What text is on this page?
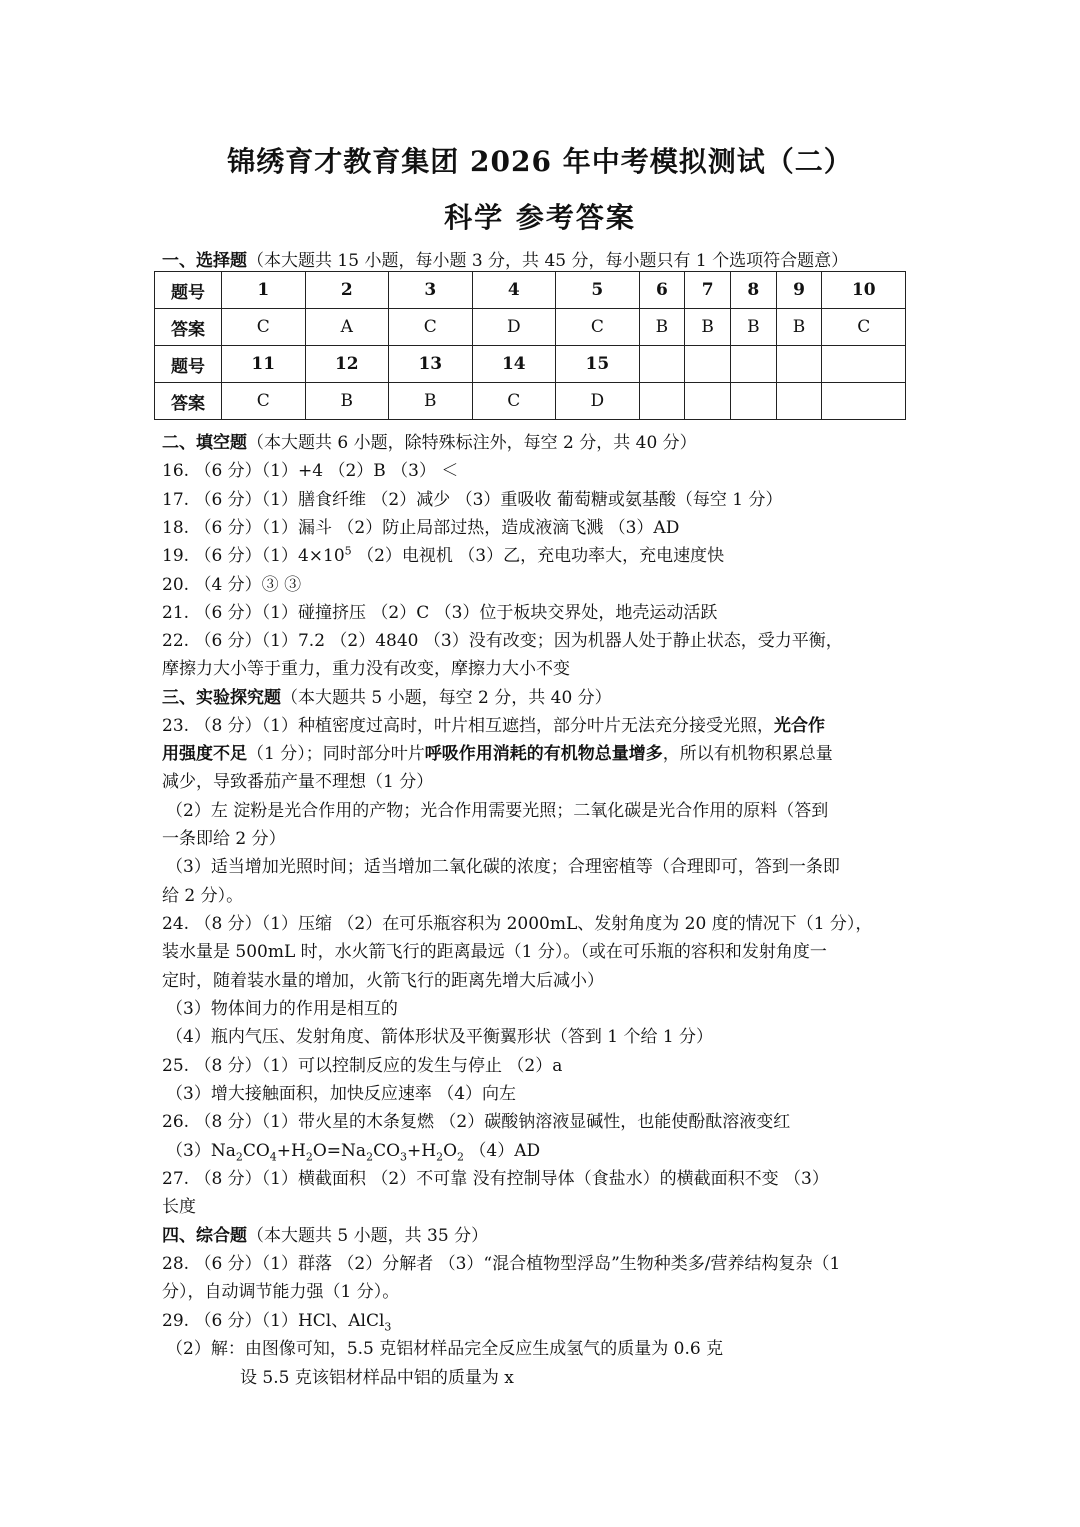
锦绣育才教育集团 2026 年中考模拟测试（二）
科学 参考答案
一、选择题（本大题共 15 小题，每小题 3 分，共 45 分，每小题只有 1 个选项符合题意）
题号	1	2	3	4	5	6	7	8	9	10
答案	C	A	C	D	C	B	B	B	B	C
题号	11	12	13	14	15					
答案	C	B	B	C	D					
二、填空题（本大题共 6 小题，除特殊标注外，每空 2 分，共 40 分）
16. （6 分）（1）+4 （2）B （3） ＜
17. （6 分）（1）膳食纤维 （2）减少 （3）重吸收 葡萄糖或氨基酸（每空 1 分）
18. （6 分）（1）漏斗 （2）防止局部过热，造成液滴飞溅 （3）AD
19. （6 分）$(1)4\times 10^5$ （2）电视机 （3）乙，充电功率大，充电速度快
20. （4 分）③ ③
21. （6 分）（1）碰撞挤压 （2）C （3）位于板块交界处，地壳运动活跃
22. （6 分）（1）7.2 （2）4840 （3）没有改变；因为机器人处于静止状态，受力平衡，
摩擦力大小等于重力，重力没有改变，摩擦力大小不变
三、实验探究题（本大题共 5 小题，每空 2 分，共 40 分）
23. （8 分）（1）种植密度过高时，叶片相互遮挡，部分叶片无法充分接受光照，光合作
用强度不足（1 分）；同时部分叶片呼吸作用消耗的有机物总量增多，所以有机物积累总量
减少，导致番茄产量不理想（1 分）
（2）左 淀粉是光合作用的产物；光合作用需要光照；二氧化碳是光合作用的原料（答到
一条即给 2 分）
（3）适当增加光照时间；适当增加二氧化碳的浓度；合理密植等（合理即可，答到一条即
给 2 分）。
24. （8 分）（1）压缩 （2）在可乐瓶容积为 2000mL、发射角度为 20 度的情况下（1 分），
装水量是 500mL 时，水火箭飞行的距离最远（1 分）。（或在可乐瓶的容积和发射角度一
定时，随着装水量的增加，火箭飞行的距离先增大后减小）
（3）物体间力的作用是相互的
（4）瓶内气压、发射角度、箭体形状及平衡翼形状（答到 1 个给 1 分）
25. （8 分）（1）可以控制反应的发生与停止 （2）a
（3）增大接触面积，加快反应速率 （4）向左
26. （8 分）（1）带火星的木条复燃 （2）碳酸钠溶液显碱性，也能使酚酞溶液变红
$(3)Na_2CO_4+H_2O=Na_2CO_3+H_2O_2$ （4）AD
27. （8 分）（1）横截面积 （2）不可靠 没有控制导体（食盐水）的横截面积不变 （3）
长度
四、综合题（本大题共 5 小题，共 35 分）
28. （6 分）（1）群落 （2）分解者 （3）“混合植物型浮岛”生物种类多/营养结构复杂（1
分），自动调节能力强（1 分）。
29. （6 分）（1）HCl、AlCl$_3$
（2）解：由图像可知，5.5 克铝材样品完全反应生成氢气的质量为 0.6 克
设 5.5 克该铝材样品中铝的质量为 x
